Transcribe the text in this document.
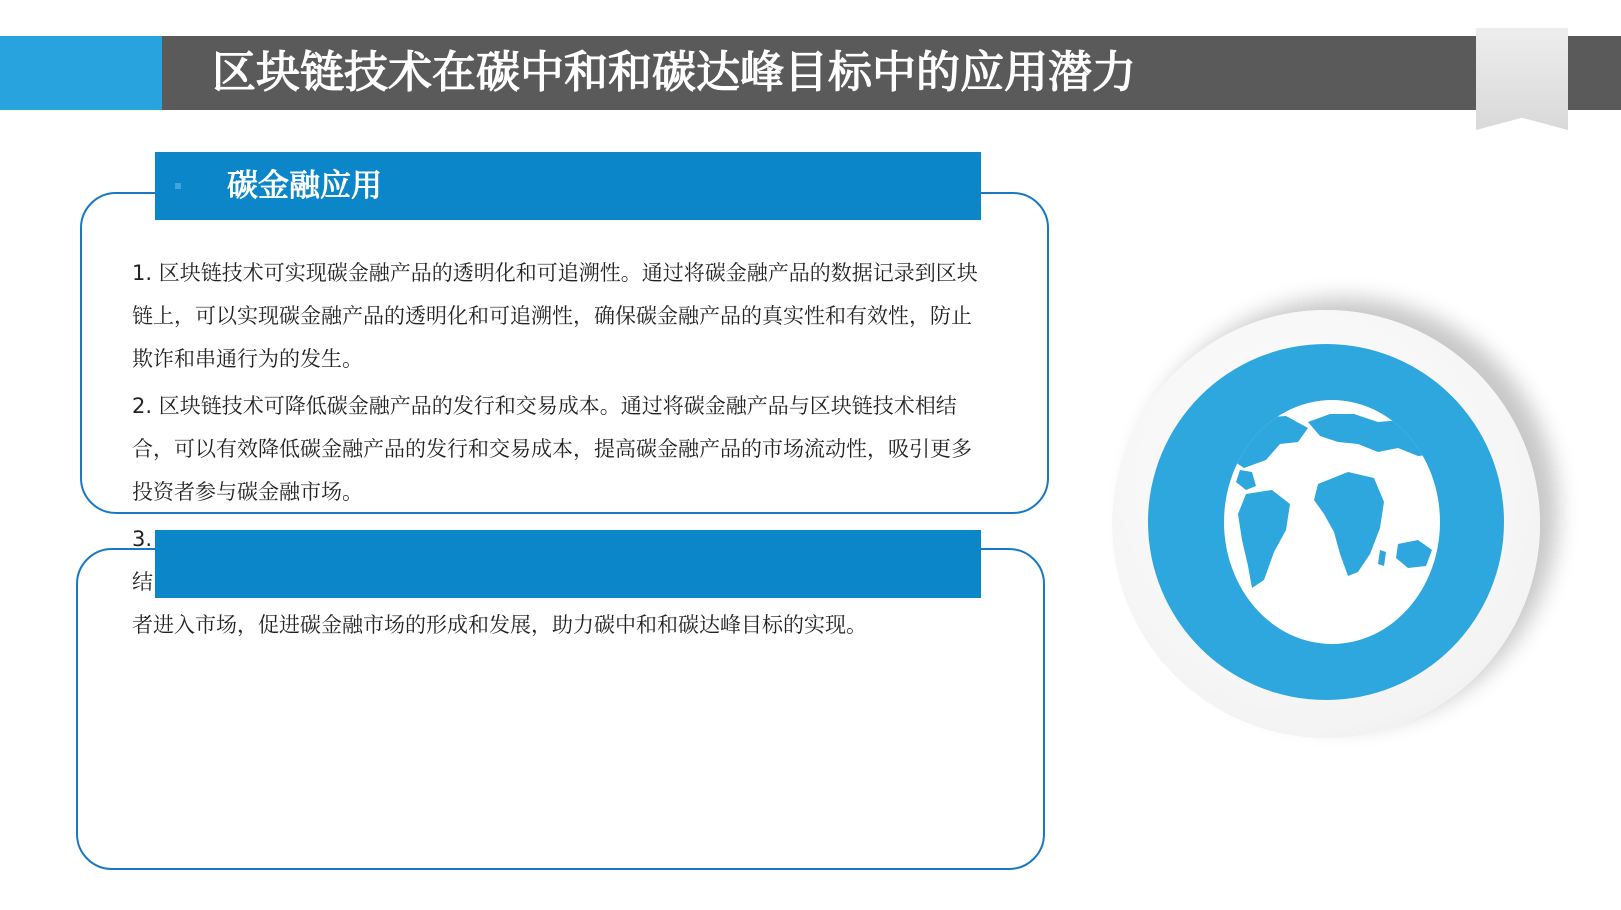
区块链技术在碳中和和碳达峰目标中的应用潜力
碳金融应用

1. 区块链技术可实现碳金融产品的透明化和可追溯性。通过将碳金融产品的数据记录到区块链上，可以实现碳金融产品的透明化和可追溯性，确保碳金融产品的真实性和有效性，防止欺诈和串通行为的发生。

2. 区块链技术可降低碳金融产品的发行和交易成本。通过将碳金融产品与区块链技术相结合，可以有效降低碳金融产品的发行和交易成本，提高碳金融产品的市场流动性，吸引更多投资者参与碳金融市场。

3.

结

者进入市场，促进碳金融市场的形成和发展，助力碳中和和碳达峰目标的实现。
